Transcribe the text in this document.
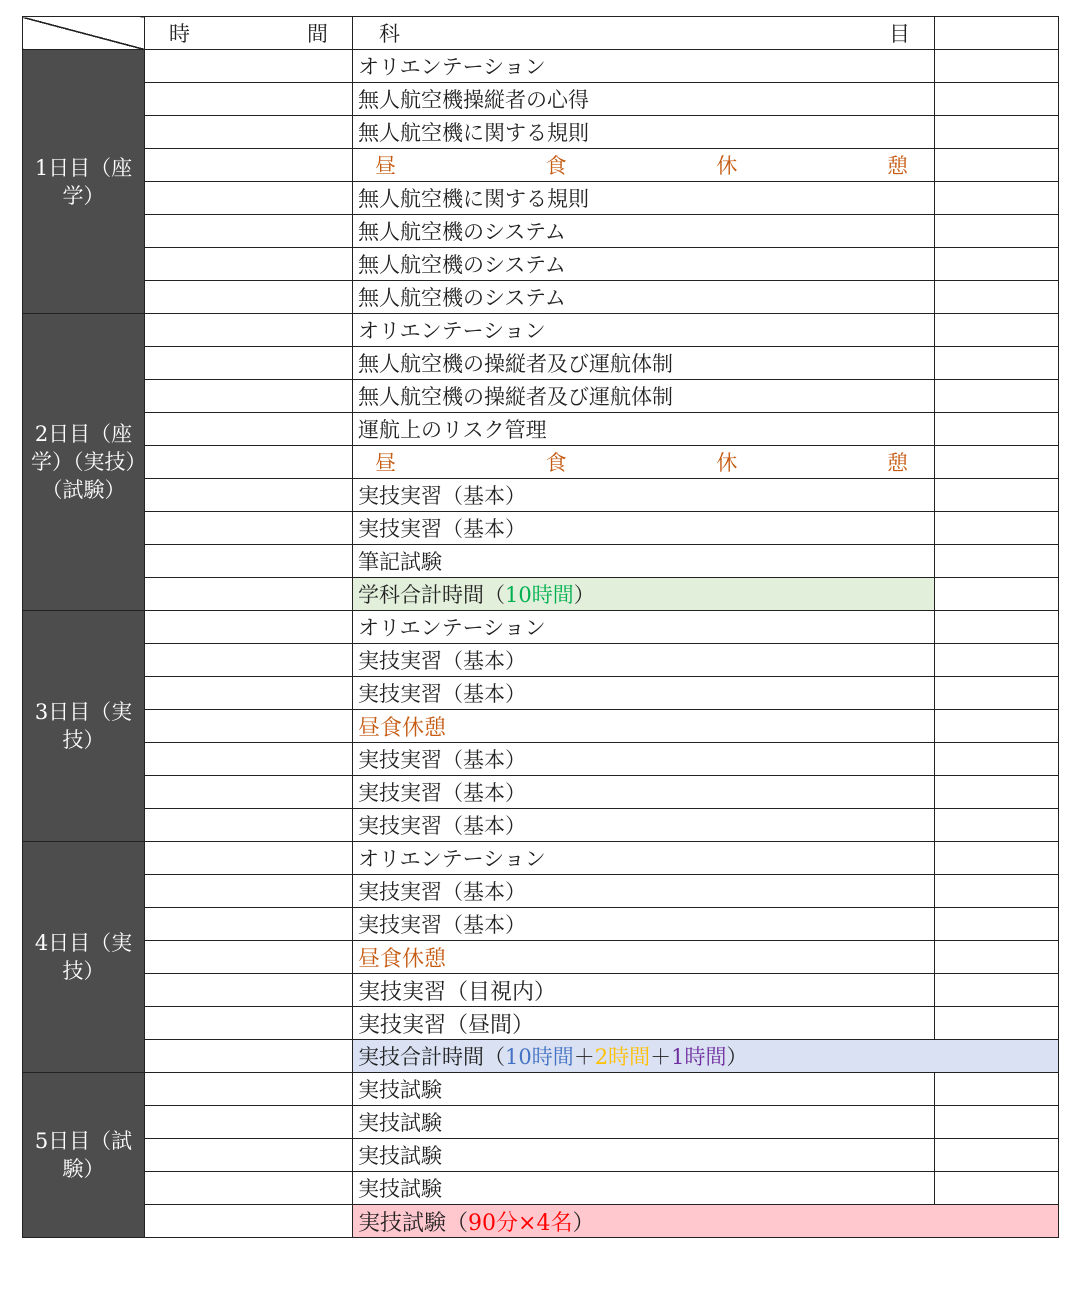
	時 間	科 目	

1日目（座学）		オリエンテーション	
		無人航空機操縦者の心得	
		無人航空機に関する規則	

		昼 食 休 憩	

		無人航空機に関する規則	
		無人航空機のシステム	
		無人航空機のシステム	
		無人航空機のシステム	
2日目（座学）（実技）（試験）		オリエンテーション	
		無人航空機の操縦者及び運航体制	
		無人航空機の操縦者及び運航体制	
		運航上のリスク管理	

		昼 食 休 憩	

		実技実習（基本）	
		実技実習（基本）	
		筆記試験	
		学科合計時間（10時間）	
3日目（実技）		オリエンテーション	
		実技実習（基本）	
		実技実習（基本）	
		昼食休憩	
		実技実習（基本）	
		実技実習（基本）	
		実技実習（基本）	
4日目（実技）		オリエンテーション	
		実技実習（基本）	
		実技実習（基本）	
		昼食休憩	
		実技実習（目視内）	
		実技実習（昼間）	
		実技合計時間（10時間＋2時間＋1時間）	
5日目（試験）		実技試験	
		実技試験	
		実技試験	
		実技試験	
		実技試験（90分×4名）	
